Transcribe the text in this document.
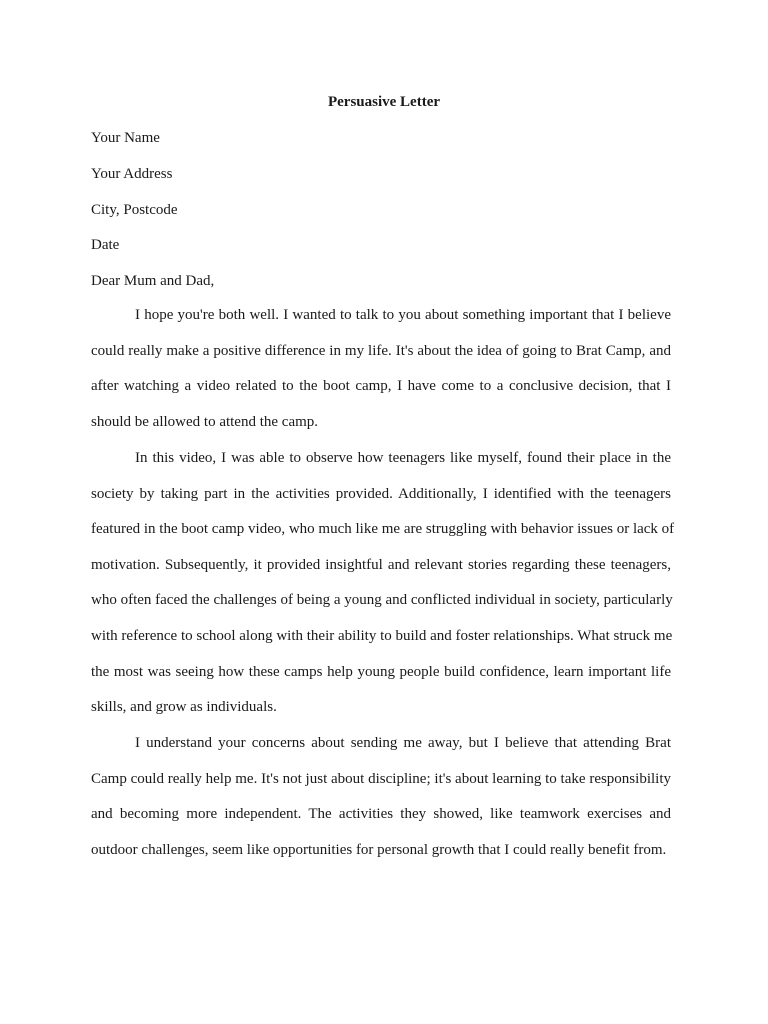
Persuasive Letter

Your Name

Your Address

City, Postcode

Date

Dear Mum and Dad,

I hope you're both well. I wanted to talk to you about something important that I believe
could really make a positive difference in my life. It's about the idea of going to Brat Camp, and
after watching a video related to the boot camp, I have come to a conclusive decision, that I
should be allowed to attend the camp.
In this video, I was able to observe how teenagers like myself, found their place in the
society by taking part in the activities provided. Additionally, I identified with the teenagers
featured in the boot camp video, who much like me are struggling with behavior issues or lack of
motivation. Subsequently, it provided insightful and relevant stories regarding these teenagers,
who often faced the challenges of being a young and conflicted individual in society, particularly
with reference to school along with their ability to build and foster relationships. What struck me
the most was seeing how these camps help young people build confidence, learn important life
skills, and grow as individuals.
I understand your concerns about sending me away, but I believe that attending Brat
Camp could really help me. It's not just about discipline; it's about learning to take responsibility
and becoming more independent. The activities they showed, like teamwork exercises and
outdoor challenges, seem like opportunities for personal growth that I could really benefit from.
